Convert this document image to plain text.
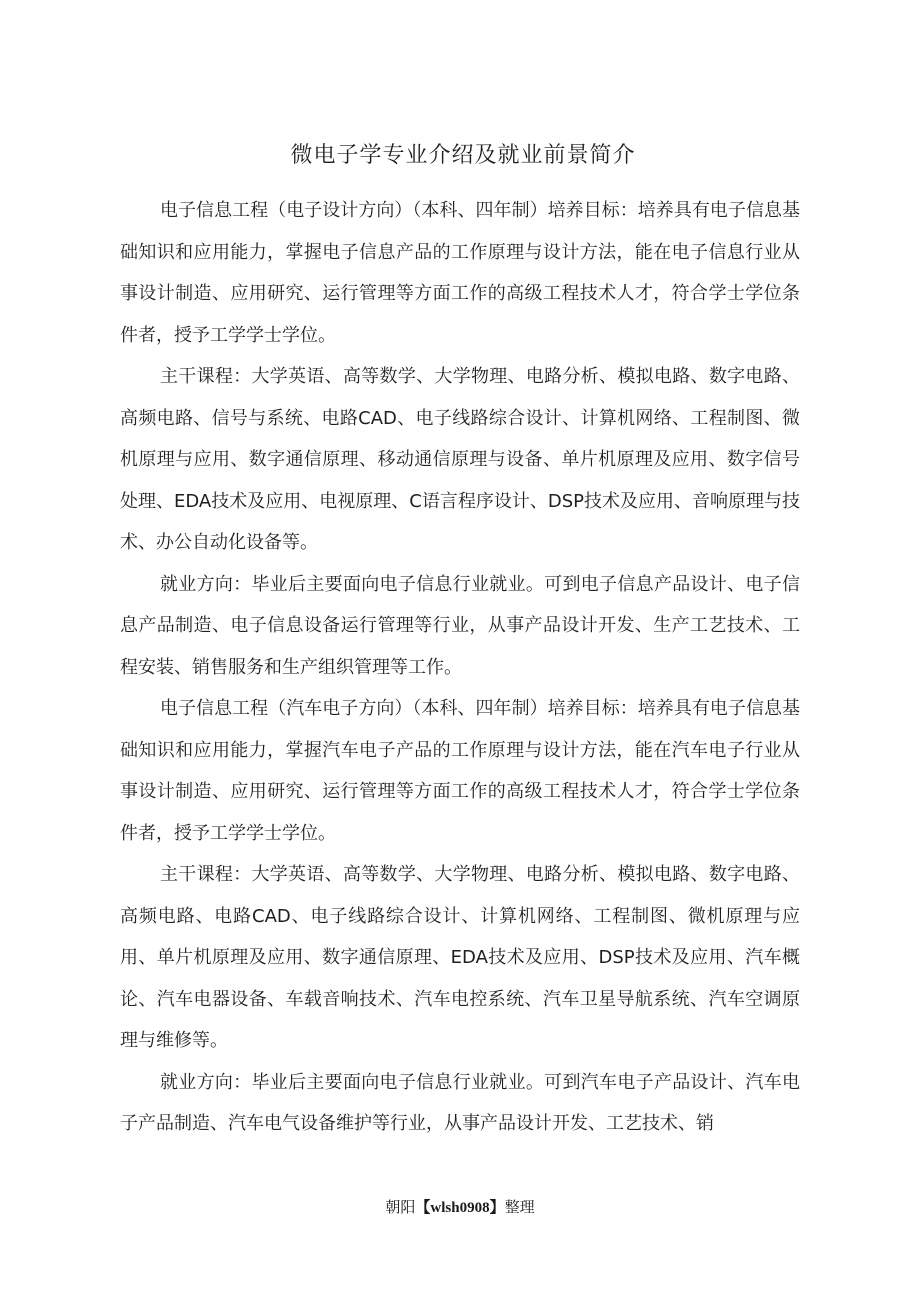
微电子学专业介绍及就业前景简介

电子信息工程（电子设计方向）（本科、四年制）培养目标：培养具有电子信息基础知识和应用能力，掌握电子信息产品的工作原理与设计方法，能在电子信息行业从事设计制造、应用研究、运行管理等方面工作的高级工程技术人才，符合学士学位条件者，授予工学学士学位。

主干课程：大学英语、高等数学、大学物理、电路分析、模拟电路、数字电路、高频电路、信号与系统、电路CAD、电子线路综合设计、计算机网络、工程制图、微机原理与应用、数字通信原理、移动通信原理与设备、单片机原理及应用、数字信号处理、EDA技术及应用、电视原理、C语言程序设计、DSP技术及应用、音响原理与技术、办公自动化设备等。

就业方向：毕业后主要面向电子信息行业就业。可到电子信息产品设计、电子信息产品制造、电子信息设备运行管理等行业，从事产品设计开发、生产工艺技术、工程安装、销售服务和生产组织管理等工作。

电子信息工程（汽车电子方向）（本科、四年制）培养目标：培养具有电子信息基础知识和应用能力，掌握汽车电子产品的工作原理与设计方法，能在汽车电子行业从事设计制造、应用研究、运行管理等方面工作的高级工程技术人才，符合学士学位条件者，授予工学学士学位。

主干课程：大学英语、高等数学、大学物理、电路分析、模拟电路、数字电路、高频电路、电路CAD、电子线路综合设计、计算机网络、工程制图、微机原理与应用、单片机原理及应用、数字通信原理、EDA技术及应用、DSP技术及应用、汽车概论、汽车电器设备、车载音响技术、汽车电控系统、汽车卫星导航系统、汽车空调原理与维修等。

就业方向：毕业后主要面向电子信息行业就业。可到汽车电子产品设计、汽车电子产品制造、汽车电气设备维护等行业，从事产品设计开发、工艺技术、销

朝阳【wlsh0908】整理
